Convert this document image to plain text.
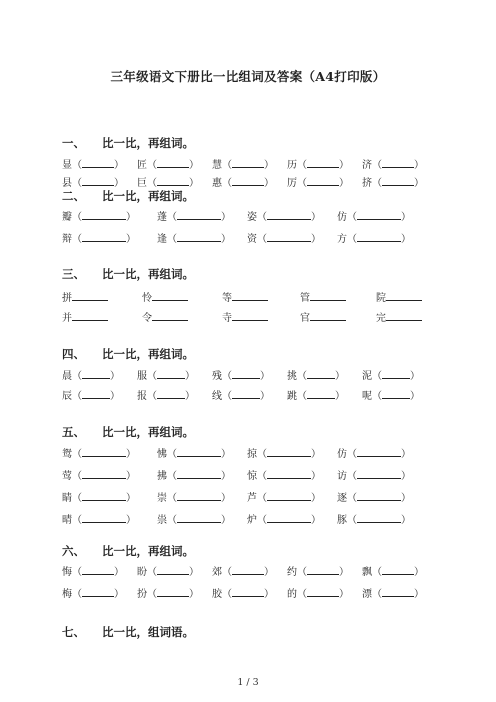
三年级语文下册比一比组词及答案（A4打印版）
一、 比一比，再组词。
显（	） 匠（	） 慧（	） 历（	） 济（	）
县（	） 巨（	） 惠（	） 厉（	） 挤（	）
二、 比一比，再组词。
瓣（	） 蓬（	） 姿（	） 仿（	）
辩（	） 逢（	） 资（	） 方（	）
三、 比一比，再组词。
拼	怜	等	管	院
并	令	寺	官	完
四、 比一比，再组词。
晨（	） 服（	） 残（	） 挑（	） 泥（	）
辰（	） 报（	） 线（	） 跳（	） 呢（	）
五、 比一比，再组词。
鸳（	） 怫（	） 掠（	） 仿（	）
莺（	） 拂（	） 惊（	） 访（	）
睛（	） 崇（	） 芦（	） 逐（	）
晴（	） 祟（	） 炉（	） 豚（	）
六、 比一比，再组词。
悔（	） 盼（	） 郊（	） 约（	） 飘（	）
梅（	） 扮（	） 胶（	） 的（	） 漂（	）
七、 比一比，组词语。
1 / 3
